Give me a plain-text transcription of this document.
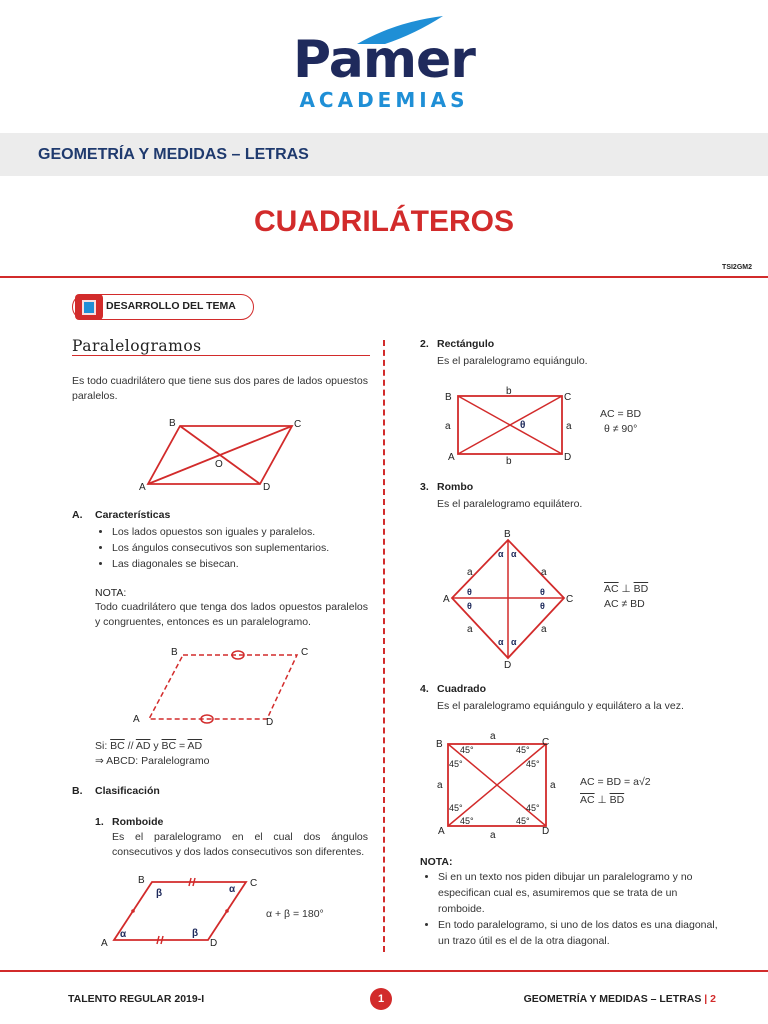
Pamer
ACADEMIAS
GEOMETRÍA Y MEDIDAS – LETRAS
CUADRILÁTEROS
TSI2GM2
DESARROLLO DEL TEMA
Paralelogramos
Es todo cuadrilátero que tiene sus dos pares de lados opuestos paralelos.
B	C
O
A	D
A. Características
• Los lados opuestos son iguales y paralelos.
• Los ángulos consecutivos son suplementarios.
• Las diagonales se bisecan.
NOTA:
Todo cuadrilátero que tenga dos lados opuestos paralelos y congruentes, entonces es un paralelogramo.
B	C
A	D
Si: $\overline{BC} // \overline{AD}$ y $\overline{BC} = \overline{AD}$
⇒ ABCD: Paralelogramo
B. Clasificación
1. Romboide
Es el paralelogramo en el cual dos ángulos consecutivos y dos lados consecutivos son diferentes.
B	C
A	D
β	α
α	β
α + β = 180°
2. Rectángulo
Es el paralelogramo equiángulo.
B	C
A	D
b
b
a	a
θ
AC = BD
θ ≠ 90°
3. Rombo
Es el paralelogramo equilátero.
B
C
A
D
a	a
a	a
α α
α α
θ
θ
θ
θ
$\overline{AC}$ ⊥ $\overline{BD}$
AC ≠ BD
4. Cuadrado
Es el paralelogramo equiángulo y equilátero a la vez.
B	C
A	D
a
a
a	a
45°
45°
45°
45°
45°
45°
45°
45°
AC = BD = a√2
$\overline{AC}$ ⊥ $\overline{BD}$
NOTA:
• Si en un texto nos piden dibujar un paralelogramo y no especifican cual es, asumiremos que se trata de un romboide.
• En todo paralelogramo, si uno de los datos es una diagonal, un trazo útil es el de la otra diagonal.
TALENTO REGULAR 2019-I	1	GEOMETRÍA Y MEDIDAS – LETRAS | 2
